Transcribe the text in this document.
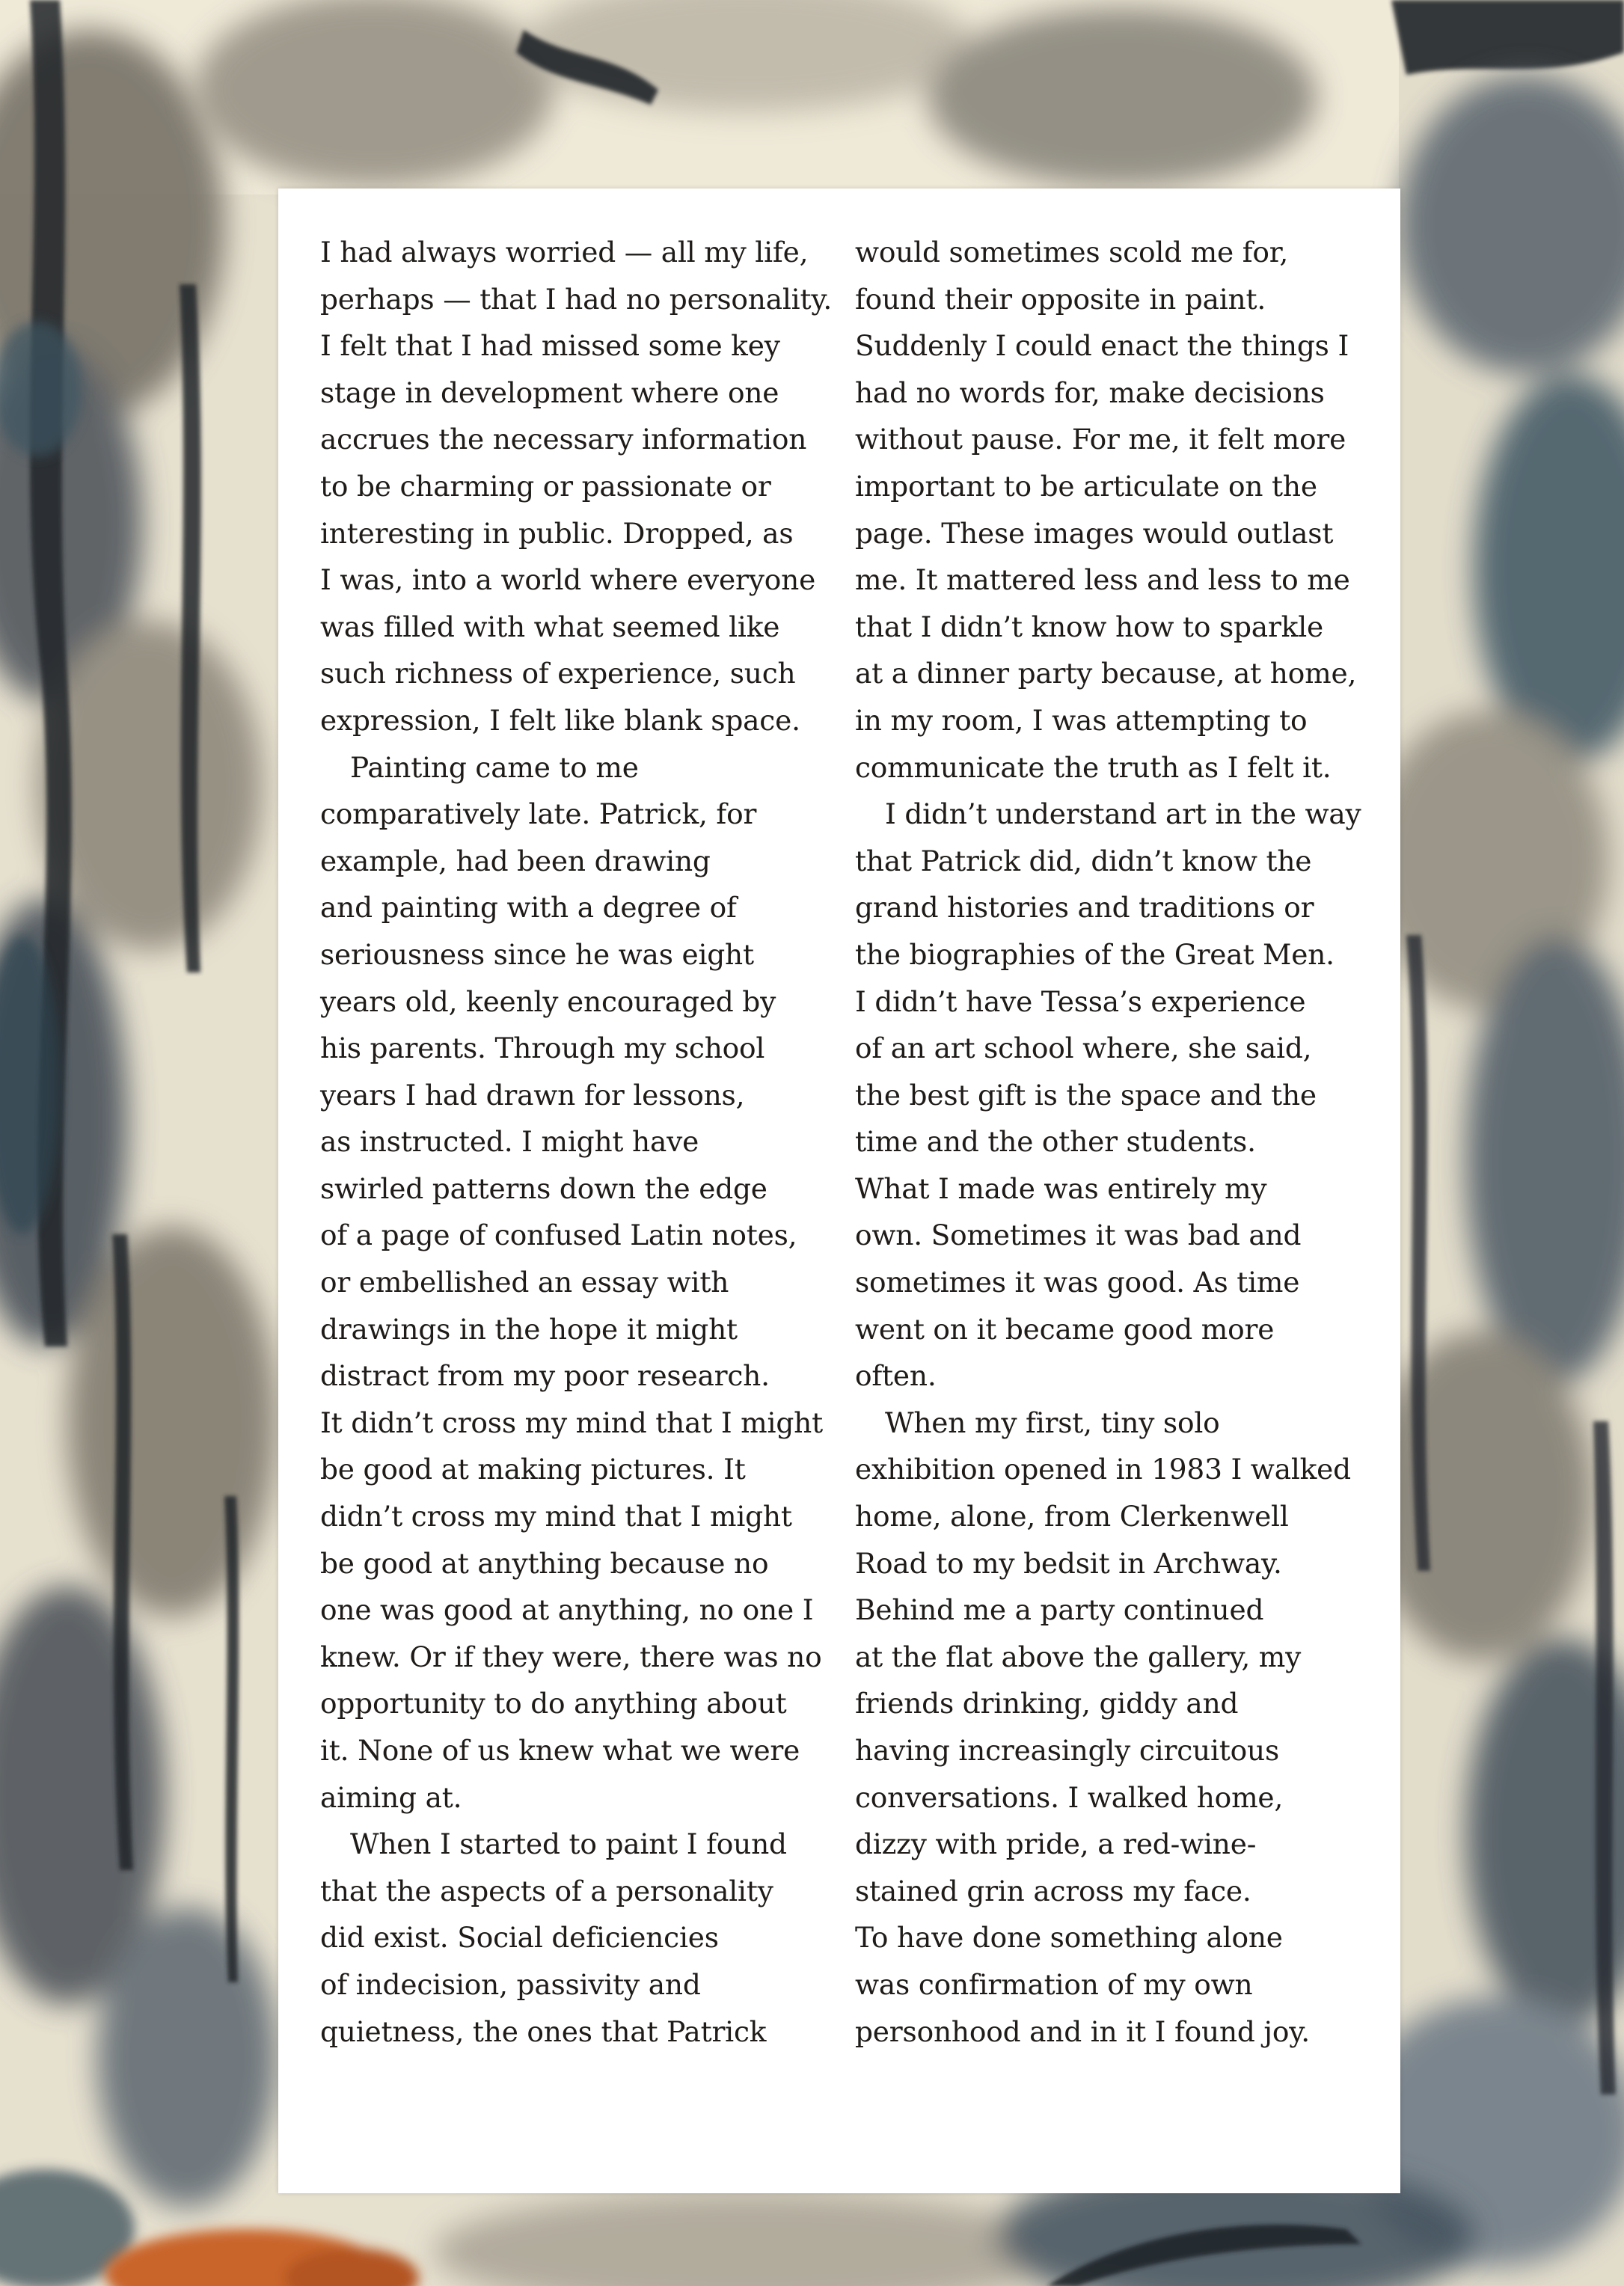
I had always worried — all my life,
perhaps — that I had no personality.
I felt that I had missed some key
stage in development where one
accrues the necessary information
to be charming or passionate or
interesting in public. Dropped, as
I was, into a world where everyone
was filled with what seemed like
such richness of experience, such
expression, I felt like blank space.

Painting came to me
comparatively late. Patrick, for
example, had been drawing
and painting with a degree of
seriousness since he was eight
years old, keenly encouraged by
his parents. Through my school
years I had drawn for lessons,
as instructed. I might have
swirled patterns down the edge
of a page of confused Latin notes,
or embellished an essay with
drawings in the hope it might
distract from my poor research.
It didn’t cross my mind that I might
be good at making pictures. It
didn’t cross my mind that I might
be good at anything because no
one was good at anything, no one I
knew. Or if they were, there was no
opportunity to do anything about
it. None of us knew what we were
aiming at.

When I started to paint I found
that the aspects of a personality
did exist. Social deficiencies
of indecision, passivity and
quietness, the ones that Patrick

would sometimes scold me for,
found their opposite in paint.
Suddenly I could enact the things I
had no words for, make decisions
without pause. For me, it felt more
important to be articulate on the
page. These images would outlast
me. It mattered less and less to me
that I didn’t know how to sparkle
at a dinner party because, at home,
in my room, I was attempting to
communicate the truth as I felt it.

I didn’t understand art in the way
that Patrick did, didn’t know the
grand histories and traditions or
the biographies of the Great Men.
I didn’t have Tessa’s experience
of an art school where, she said,
the best gift is the space and the
time and the other students.
What I made was entirely my
own. Sometimes it was bad and
sometimes it was good. As time
went on it became good more
often.

When my first, tiny solo
exhibition opened in 1983 I walked
home, alone, from Clerkenwell
Road to my bedsit in Archway.
Behind me a party continued
at the flat above the gallery, my
friends drinking, giddy and
having increasingly circuitous
conversations. I walked home,
dizzy with pride, a red-wine-
stained grin across my face.
To have done something alone
was confirmation of my own
personhood and in it I found joy.
